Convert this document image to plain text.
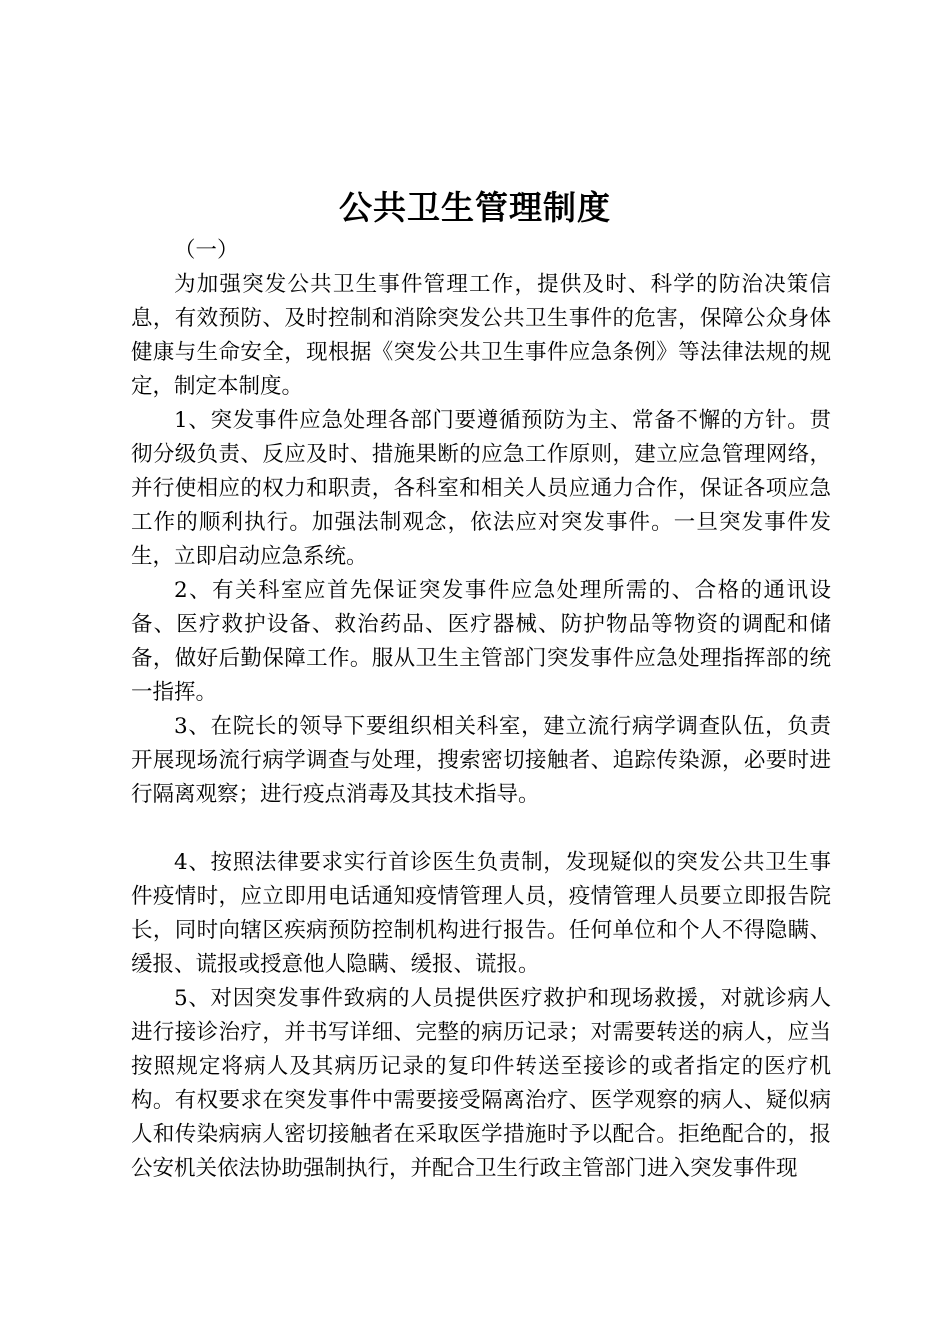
公共卫生管理制度

（一）

为加强突发公共卫生事件管理工作，提供及时、科学的防治决策信息，有效预防、及时控制和消除突发公共卫生事件的危害，保障公众身体健康与生命安全，现根据《突发公共卫生事件应急条例》等法律法规的规定，制定本制度。

1、突发事件应急处理各部门要遵循预防为主、常备不懈的方针。贯彻分级负责、反应及时、措施果断的应急工作原则，建立应急管理网络，并行使相应的权力和职责，各科室和相关人员应通力合作，保证各项应急工作的顺利执行。加强法制观念，依法应对突发事件。一旦突发事件发生，立即启动应急系统。

2、有关科室应首先保证突发事件应急处理所需的、合格的通讯设备、医疗救护设备、救治药品、医疗器械、防护物品等物资的调配和储备，做好后勤保障工作。服从卫生主管部门突发事件应急处理指挥部的统一指挥。

3、在院长的领导下要组织相关科室，建立流行病学调查队伍，负责开展现场流行病学调查与处理，搜索密切接触者、追踪传染源，必要时进行隔离观察；进行疫点消毒及其技术指导。

4、按照法律要求实行首诊医生负责制，发现疑似的突发公共卫生事件疫情时，应立即用电话通知疫情管理人员，疫情管理人员要立即报告院长，同时向辖区疾病预防控制机构进行报告。任何单位和个人不得隐瞒、缓报、谎报或授意他人隐瞒、缓报、谎报。

5、对因突发事件致病的人员提供医疗救护和现场救援，对就诊病人进行接诊治疗，并书写详细、完整的病历记录；对需要转送的病人，应当按照规定将病人及其病历记录的复印件转送至接诊的或者指定的医疗机构。有权要求在突发事件中需要接受隔离治疗、医学观察的病人、疑似病人和传染病病人密切接触者在采取医学措施时予以配合。拒绝配合的，报公安机关依法协助强制执行，并配合卫生行政主管部门进入突发事件现
